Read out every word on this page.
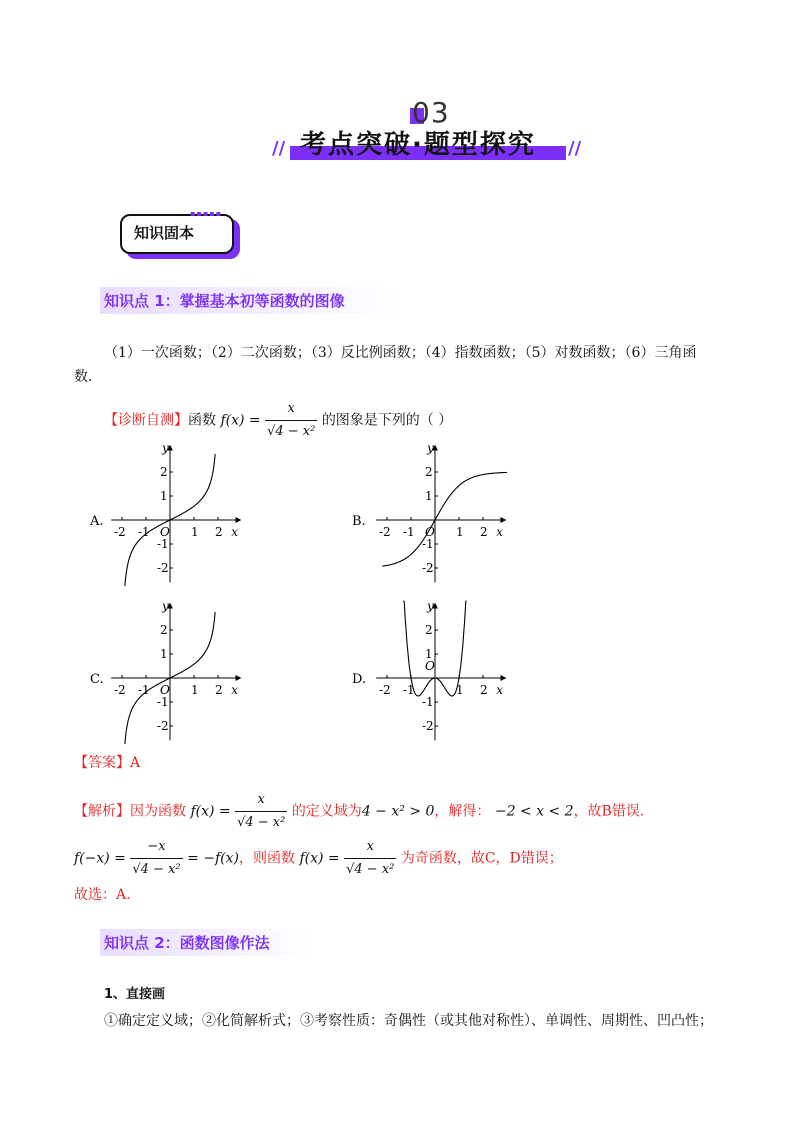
03
考点突破·题型探究
//	//
知识固本
▪▪▪▪▪
知识点 1：掌握基本初等函数的图像
（1）一次函数；（2）二次函数；（3）反比例函数；（4）指数函数；（5）对数函数；（6）三角函
数．
【诊断自测】函数 $f(x) = \frac{x}{\text{√4 − x²}}$ 的图象是下列的（ ）
A.
-2 -1	1 2
2
1
-1
-2
x
y
O
B.
-2 -1	1 2
2
1
-1
-2
x
y
O
C.
-2 -1	1 2
2
1
-1
-2
x
y
O
D.
-2 -1	1 2
2
1
-1
-2
x
y
O
【答案】A
【解析】因为函数 $f(x) = \frac{x}{\text{√4 − x²}}$ 的定义域为4 − x² > 0，解得： −2 < x < 2，故B错误.
$f(-x) = \frac{-x}{\text{√4 − x²}} = -f(x)$，则函数 $f(x) = \frac{x}{\text{√4 − x²}}$ 为奇函数，故C，D错误；
故选：A.
知识点 2：函数图像作法
1、直接画
①确定定义域；②化简解析式；③考察性质：奇偶性（或其他对称性）、单调性、周期性、凹凸性；
